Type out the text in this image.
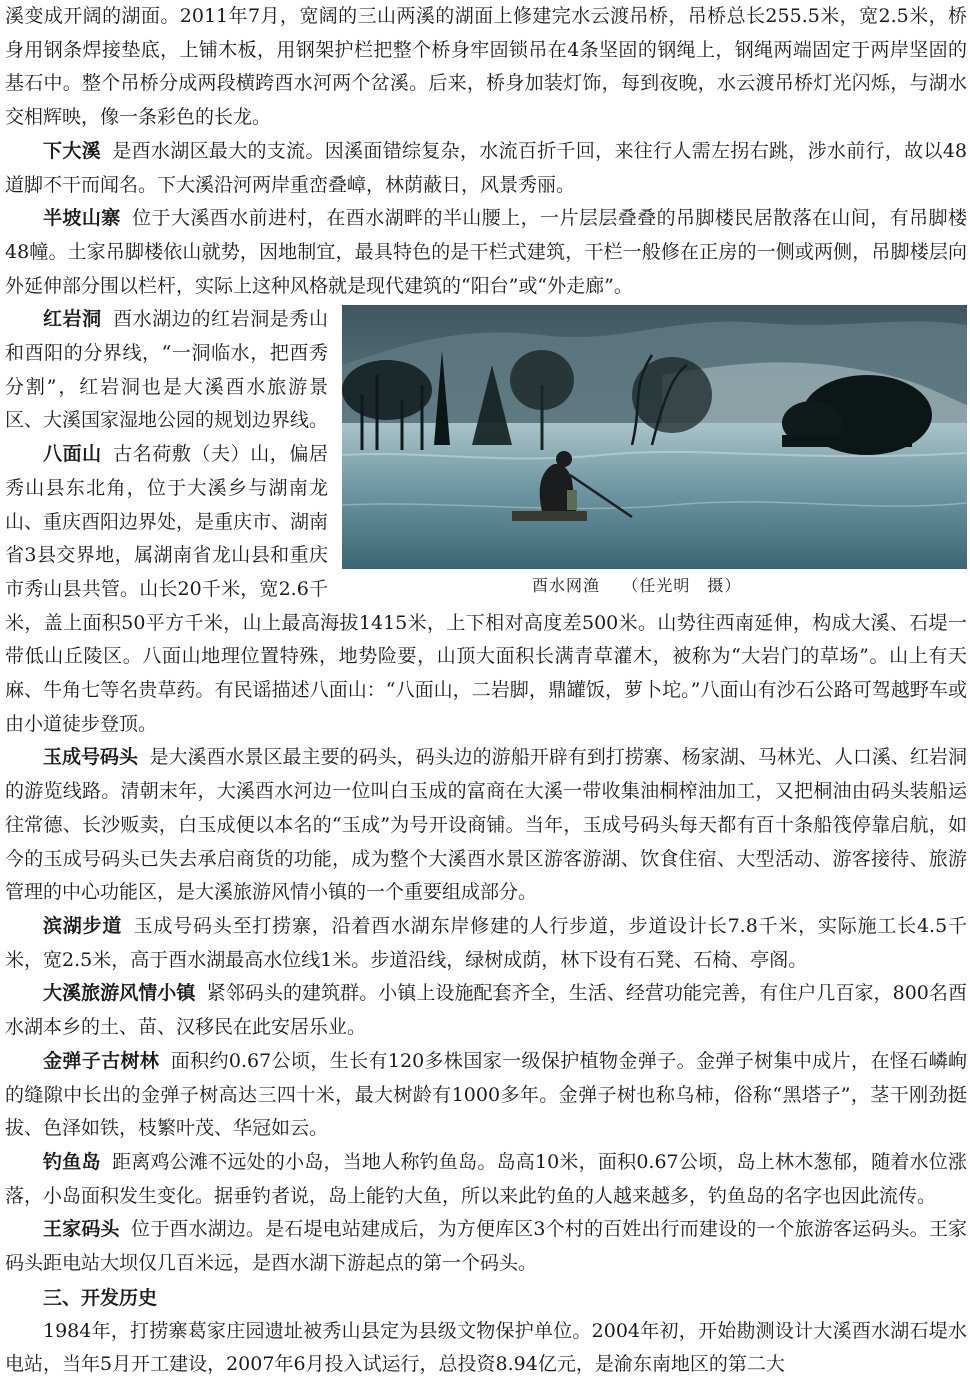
溪变成开阔的湖面。2011年7月，宽阔的三山两溪的湖面上修建完水云渡吊桥，吊桥总长255.5米，宽2.5米，桥身用钢条焊接垫底，上铺木板，用钢架护栏把整个桥身牢固锁吊在4条坚固的钢绳上，钢绳两端固定于两岸坚固的基石中。整个吊桥分成两段横跨酉水河两个岔溪。后来，桥身加装灯饰，每到夜晚，水云渡吊桥灯光闪烁，与湖水交相辉映，像一条彩色的长龙。

下大溪 是酉水湖区最大的支流。因溪面错综复杂，水流百折千回，来往行人需左拐右跳，涉水前行，故以48道脚不干而闻名。下大溪沿河两岸重峦叠嶂，林荫蔽日，风景秀丽。

半坡山寨 位于大溪酉水前进村，在酉水湖畔的半山腰上，一片层层叠叠的吊脚楼民居散落在山间，有吊脚楼48幢。土家吊脚楼依山就势，因地制宜，最具特色的是干栏式建筑，干栏一般修在正房的一侧或两侧，吊脚楼层向外延伸部分围以栏杆，实际上这种风格就是现代建筑的“阳台”或“外走廊”。

酉水网渔 （任光明　摄）

红岩洞 酉水湖边的红岩洞是秀山和酉阳的分界线，“一洞临水，把酉秀分割”，红岩洞也是大溪酉水旅游景区、大溪国家湿地公园的规划边界线。

八面山 古名荷敷（夫）山，偏居秀山县东北角，位于大溪乡与湖南龙山、重庆酉阳边界处，是重庆市、湖南省3县交界地，属湖南省龙山县和重庆市秀山县共管。山长20千米，宽2.6千米，盖上面积50平方千米，山上最高海拔1415米，上下相对高度差500米。山势往西南延伸，构成大溪、石堤一带低山丘陵区。八面山地理位置特殊，地势险要，山顶大面积长满青草灌木，被称为“大岩门的草场”。山上有天麻、牛角七等名贵草药。有民谣描述八面山：“八面山，二岩脚，鼎罐饭，萝卜坨。”八面山有沙石公路可驾越野车或由小道徒步登顶。

玉成号码头 是大溪酉水景区最主要的码头，码头边的游船开辟有到打捞寨、杨家湖、马林光、人口溪、红岩洞的游览线路。清朝末年，大溪酉水河边一位叫白玉成的富商在大溪一带收集油桐榨油加工，又把桐油由码头装船运往常德、长沙贩卖，白玉成便以本名的“玉成”为号开设商铺。当年，玉成号码头每天都有百十条船筏停靠启航，如今的玉成号码头已失去承启商货的功能，成为整个大溪酉水景区游客游湖、饮食住宿、大型活动、游客接待、旅游管理的中心功能区，是大溪旅游风情小镇的一个重要组成部分。

滨湖步道 玉成号码头至打捞寨，沿着酉水湖东岸修建的人行步道，步道设计长7.8千米，实际施工长4.5千米，宽2.5米，高于酉水湖最高水位线1米。步道沿线，绿树成荫，林下设有石凳、石椅、亭阁。

大溪旅游风情小镇 紧邻码头的建筑群。小镇上设施配套齐全，生活、经营功能完善，有住户几百家，800名酉水湖本乡的土、苗、汉移民在此安居乐业。

金弹子古树林 面积约0.67公顷，生长有120多株国家一级保护植物金弹子。金弹子树集中成片，在怪石嶙峋的缝隙中长出的金弹子树高达三四十米，最大树龄有1000多年。金弹子树也称乌柿，俗称“黑塔子”，茎干刚劲挺拔、色泽如铁，枝繁叶茂、华冠如云。

钓鱼岛 距离鸡公滩不远处的小岛，当地人称钓鱼岛。岛高10米，面积0.67公顷，岛上林木葱郁，随着水位涨落，小岛面积发生变化。据垂钓者说，岛上能钓大鱼，所以来此钓鱼的人越来越多，钓鱼岛的名字也因此流传。

王家码头 位于酉水湖边。是石堤电站建成后，为方便库区3个村的百姓出行而建设的一个旅游客运码头。王家码头距电站大坝仅几百米远，是酉水湖下游起点的第一个码头。

三、开发历史

1984年，打捞寨葛家庄园遗址被秀山县定为县级文物保护单位。2004年初，开始勘测设计大溪酉水湖石堤水电站，当年5月开工建设，2007年6月投入试运行，总投资8.94亿元，是渝东南地区的第二大
